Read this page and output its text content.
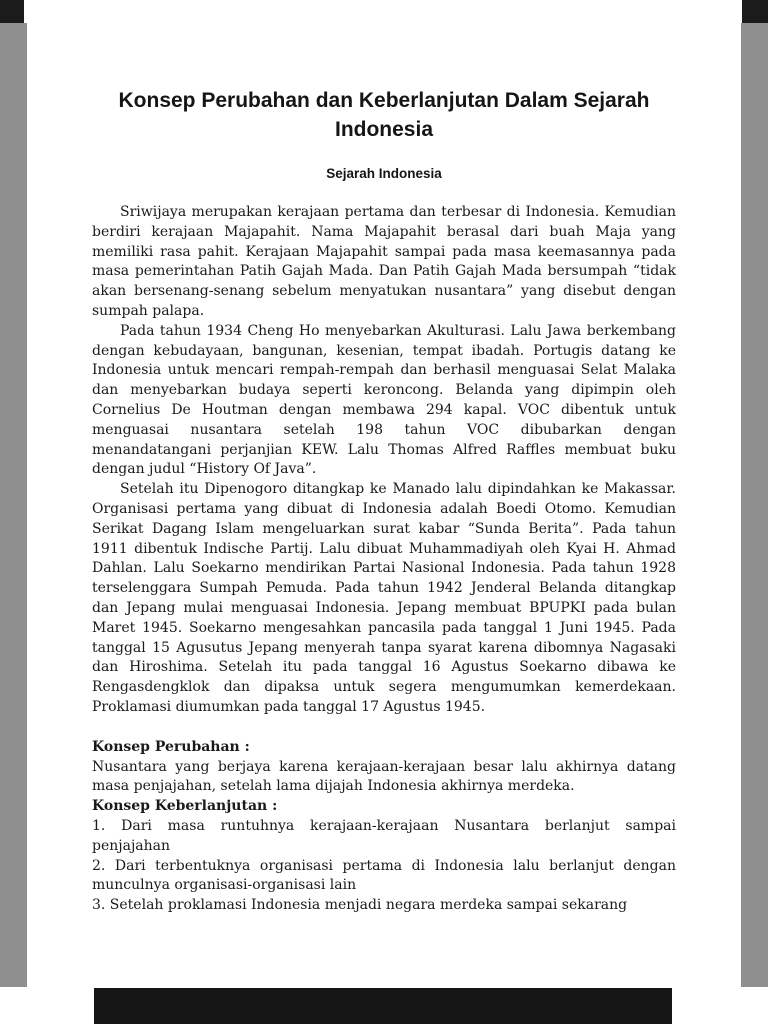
Konsep Perubahan dan Keberlanjutan Dalam Sejarah Indonesia
Sejarah Indonesia

Sriwijaya merupakan kerajaan pertama dan terbesar di Indonesia. Kemudian berdiri kerajaan Majapahit. Nama Majapahit berasal dari buah Maja yang memiliki rasa pahit. Kerajaan Majapahit sampai pada masa keemasannya pada masa pemerintahan Patih Gajah Mada. Dan Patih Gajah Mada bersumpah “tidak akan bersenang-senang sebelum menyatukan nusantara” yang disebut dengan sumpah palapa.

Pada tahun 1934 Cheng Ho menyebarkan Akulturasi. Lalu Jawa berkembang dengan kebudayaan, bangunan, kesenian, tempat ibadah. Portugis datang ke Indonesia untuk mencari rempah-rempah dan berhasil menguasai Selat Malaka dan menyebarkan budaya seperti keroncong. Belanda yang dipimpin oleh Cornelius De Houtman dengan membawa 294 kapal. VOC dibentuk untuk menguasai nusantara setelah 198 tahun VOC dibubarkan dengan menandatangani perjanjian KEW. Lalu Thomas Alfred Raffles membuat buku dengan judul “History Of Java”.

Setelah itu Dipenogoro ditangkap ke Manado lalu dipindahkan ke Makassar. Organisasi pertama yang dibuat di Indonesia adalah Boedi Otomo. Kemudian Serikat Dagang Islam mengeluarkan surat kabar “Sunda Berita”. Pada tahun 1911 dibentuk Indische Partij. Lalu dibuat Muhammadiyah oleh Kyai H. Ahmad Dahlan. Lalu Soekarno mendirikan Partai Nasional Indonesia. Pada tahun 1928 terselenggara Sumpah Pemuda. Pada tahun 1942 Jenderal Belanda ditangkap dan Jepang mulai menguasai Indonesia. Jepang membuat BPUPKI pada bulan Maret 1945. Soekarno mengesahkan pancasila pada tanggal 1 Juni 1945. Pada tanggal 15 Agusutus Jepang menyerah tanpa syarat karena dibomnya Nagasaki dan Hiroshima. Setelah itu pada tanggal 16 Agustus Soekarno dibawa ke Rengasdengklok dan dipaksa untuk segera mengumumkan kemerdekaan. Proklamasi diumumkan pada tanggal 17 Agustus 1945.

Konsep Perubahan :

Nusantara yang berjaya karena kerajaan-kerajaan besar lalu akhirnya datang masa penjajahan, setelah lama dijajah Indonesia akhirnya merdeka.

Konsep Keberlanjutan :

1. Dari masa runtuhnya kerajaan-kerajaan Nusantara berlanjut sampai penjajahan

2. Dari terbentuknya organisasi pertama di Indonesia lalu berlanjut dengan munculnya organisasi-organisasi lain

3. Setelah proklamasi Indonesia menjadi negara merdeka sampai sekarang
